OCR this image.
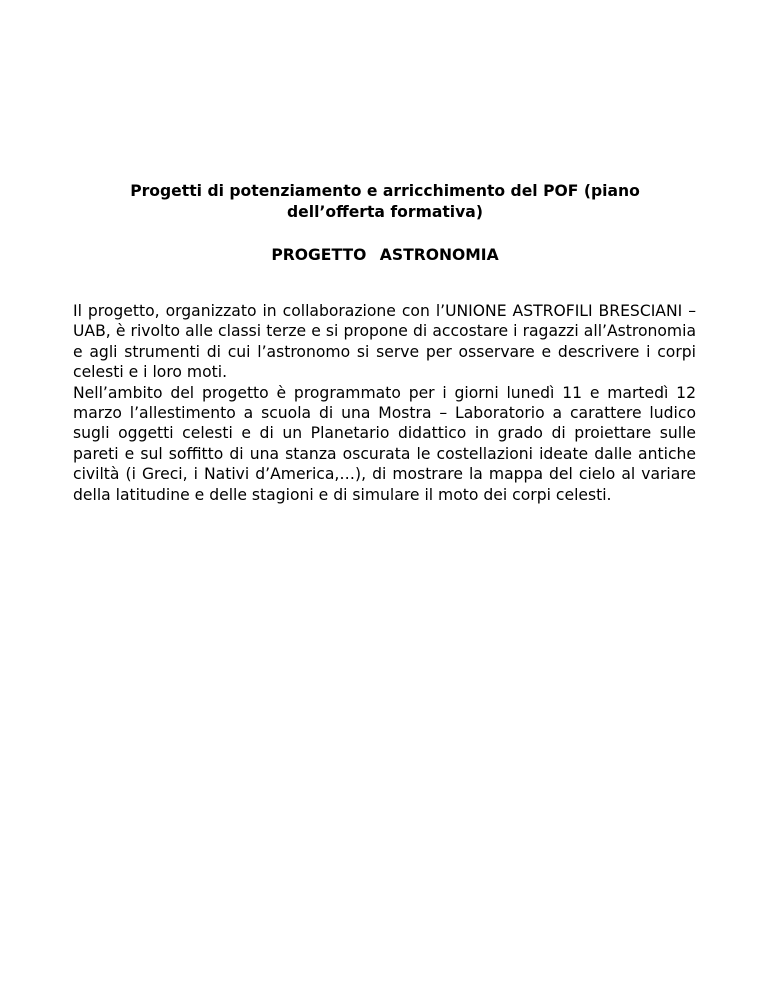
Progetti di potenziamento e arricchimento del POF (piano dell’offerta formativa)
PROGETTO ASTRONOMIA

Il progetto, organizzato in collaborazione con l’UNIONE ASTROFILI BRESCIANI – UAB, è rivolto alle classi terze e si propone di accostare i ragazzi all’Astronomia e agli strumenti di cui l’astronomo si serve per osservare e descrivere i corpi celesti e i loro moti.

Nell’ambito del progetto è programmato per i giorni lunedì 11 e martedì 12 marzo l’allestimento a scuola di una Mostra – Laboratorio a carattere ludico sugli oggetti celesti e di un Planetario didattico in grado di proiettare sulle pareti e sul soffitto di una stanza oscurata le costellazioni ideate dalle antiche civiltà (i Greci, i Nativi d’America,…), di mostrare la mappa del cielo al variare della latitudine e delle stagioni e di simulare il moto dei corpi celesti.
